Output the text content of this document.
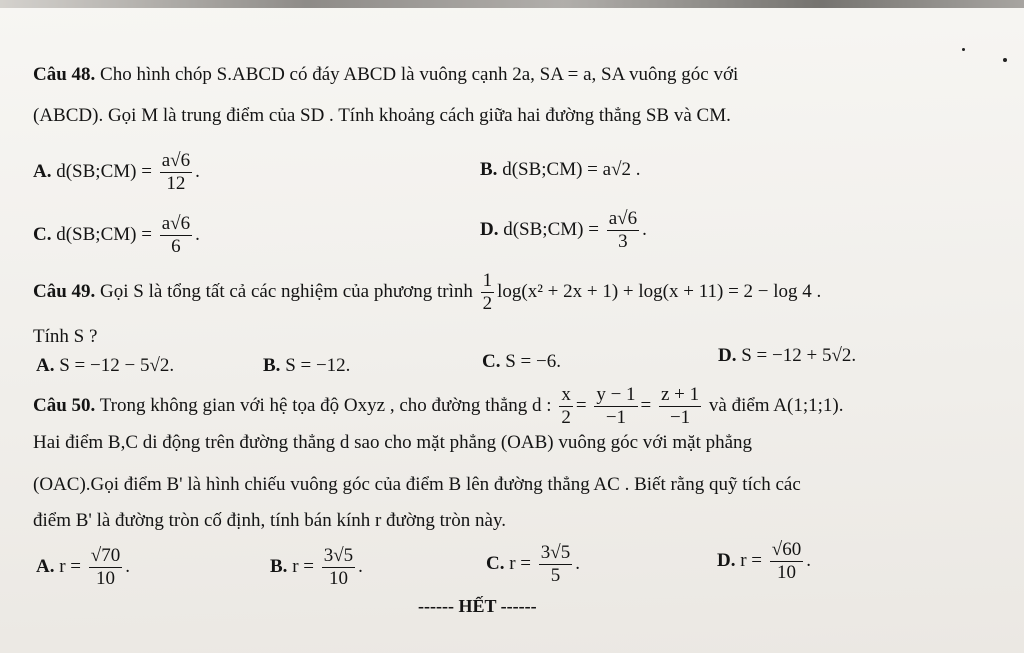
Câu 48. Cho hình chóp S.ABCD có đáy ABCD là vuông cạnh 2a, SA = a, SA vuông góc với
(ABCD). Gọi M là trung điểm của SD . Tính khoảng cách giữa hai đường thẳng SB và CM.
A. d(SB;CM) = $\frac{a√6}{12}$ .	B. d(SB;CM) = a√2 .
C. d(SB;CM) = $\frac{a√6}{6}$ .	D. d(SB;CM) = $\frac{a√6}{3}$ .
Câu 49. Gọi S là tổng tất cả các nghiệm của phương trình $\frac{1}{2} \log(x^2 + 2x + 1) + \log(x + 11) = 2 - \log 4$ .
Tính S ?
A. S = −12 − 5√2.	B. S = −12.	C. S = −6.	D. S = −12 + 5√2.
Câu 50. Trong không gian với hệ tọa độ Oxyz , cho đường thẳng d : $\frac{x}{2} = \frac{y - 1}{-1} = \frac{z + 1}{-1}$ và điểm A(1;1;1).
Hai điểm B,C di động trên đường thẳng d sao cho mặt phẳng (OAB) vuông góc với mặt phẳng
(OAC).Gọi điểm B' là hình chiếu vuông góc của điểm B lên đường thẳng AC . Biết rằng quỹ tích các
điểm B' là đường tròn cố định, tính bán kính r đường tròn này.
A. $r = \frac{√70}{10}$ .	B. $r = \frac{3√5}{10}$ .	C. $r = \frac{3√5}{5}$ .	D. $r = \frac{√60}{10}$ .
------ HẾT ------
